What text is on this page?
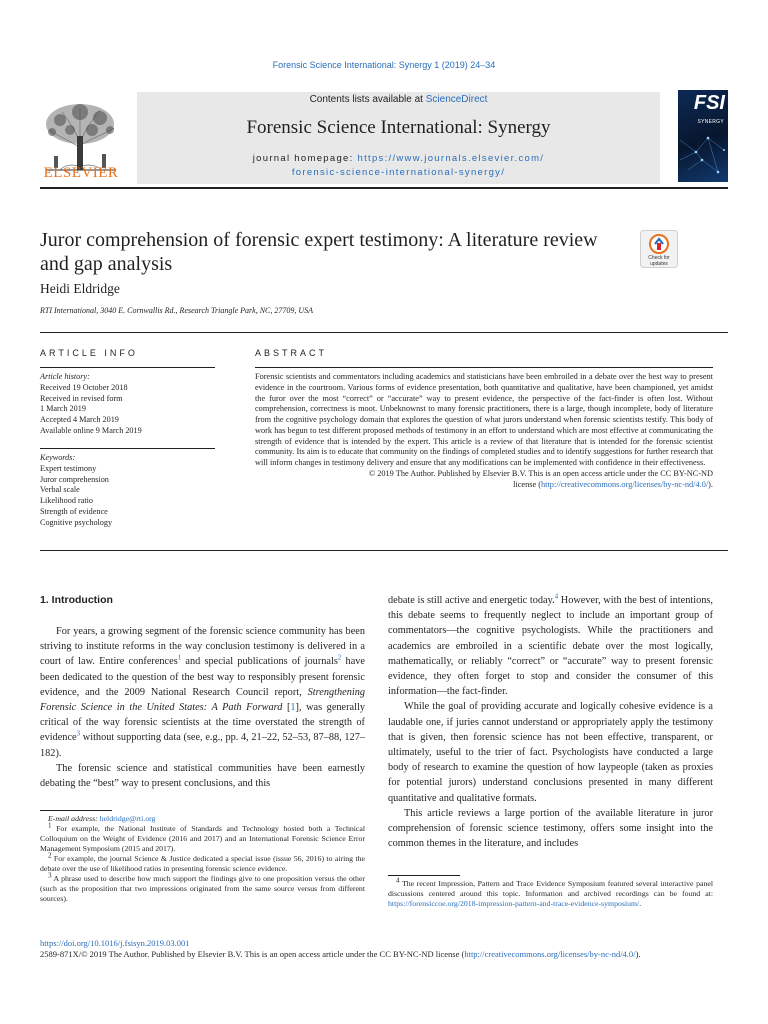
Forensic Science International: Synergy 1 (2019) 24–34
ELSEVIER
Contents lists available at ScienceDirect
Forensic Science International: Synergy
journal homepage: https://www.journals.elsevier.com/
forensic-science-international-synergy/
FSI
SYNERGY
Juror comprehension of forensic expert testimony: A literature review and gap analysis	Check for updates
Heidi Eldridge
RTI International, 3040 E. Cornwallis Rd., Research Triangle Park, NC, 27709, USA
ARTICLE INFO
Article history:
Received 19 October 2018
Received in revised form
1 March 2019
Accepted 4 March 2019
Available online 9 March 2019
Keywords:
Expert testimony
Juror comprehension
Verbal scale
Likelihood ratio
Strength of evidence
Cognitive psychology
ABSTRACT
Forensic scientists and commentators including academics and statisticians have been embroiled in a debate over the best way to present evidence in the courtroom. Various forms of evidence presentation, both quantitative and qualitative, have been championed, yet amidst the furor over the most “correct” or “accurate” way to present evidence, the perspective of the fact-finder is often lost. Without comprehension, correctness is moot. Unbeknownst to many forensic practitioners, there is a large, though incomplete, body of literature from the cognitive psychology domain that explores the question of what jurors understand when forensic scientists testify. This body of work has begun to test different proposed methods of testimony in an effort to understand which are most effective at communicating the strength of evidence that is intended by the expert. This article is a review of that literature that is intended for the forensic scientist community. Its aim is to educate that community on the findings of completed studies and to identify suggestions for further research that will inform changes in testimony delivery and ensure that any modifications can be implemented with confidence in their effectiveness.
© 2019 The Author. Published by Elsevier B.V. This is an open access article under the CC BY-NC-ND
license (http://creativecommons.org/licenses/by-nc-nd/4.0/).
1. Introduction

For years, a growing segment of the forensic science community has been striving to institute reforms in the way conclusion testimony is delivered in a court of law. Entire conferences$^1$ and special publications of journals$^2$ have been dedicated to the question of the best way to responsibly present forensic evidence, and the 2009 National Research Council report, Strengthening Forensic Science in the United States: A Path Forward [1], was generally critical of the way forensic scientists at the time overstated the strength of evidence$^3$ without supporting data (see, e.g., pp. 4, 21–22, 52–53, 87–88, 127–182).

The forensic science and statistical communities have been earnestly debating the “best” way to present conclusions, and this

E-mail address: heldridge@rti.org

$^1$ For example, the National Institute of Standards and Technology hosted both a Technical Colloquium on the Weight of Evidence (2016 and 2017) and an International Forensic Science Error Management Symposium (2015 and 2017).

$^2$ For example, the journal Science & Justice dedicated a special issue (issue 56, 2016) to airing the debate over the use of likelihood ratios in presenting forensic science evidence.

$^3$ A phrase used to describe how much support the findings give to one proposition versus the other (such as the proposition that two impressions originated from the same source versus from different sources).

debate is still active and energetic today.$^4$ However, with the best of intentions, this debate seems to frequently neglect to include an important group of commentators—the cognitive psychologists. While the practitioners and academics are embroiled in a scientific debate over the most logically, mathematically, or reliably “correct” or “accurate” way to present forensic evidence, they often forget to stop and consider the consumer of this information—the fact-finder.

While the goal of providing accurate and logically cohesive evidence is a laudable one, if juries cannot understand or appropriately apply the testimony that is given, then forensic science has not been effective, transparent, or ultimately, useful to the trier of fact. Psychologists have conducted a large body of research to examine the question of how laypeople (taken as proxies for potential jurors) understand conclusions presented in many different quantitative and qualitative formats.

This article reviews a large portion of the available literature in juror comprehension of forensic science testimony, offers some insight into the common themes in the literature, and includes

$^4$ The recent Impression, Pattern and Trace Evidence Symposium featured several interactive panel discussions centered around this topic. Information and archived recordings can be found at: https://forensiccoe.org/2018-impression-pattern-and-trace-evidence-symposium/.

https://doi.org/10.1016/j.fsisyn.2019.03.001
2589-871X/© 2019 The Author. Published by Elsevier B.V. This is an open access article under the CC BY-NC-ND license (http://creativecommons.org/licenses/by-nc-nd/4.0/).
